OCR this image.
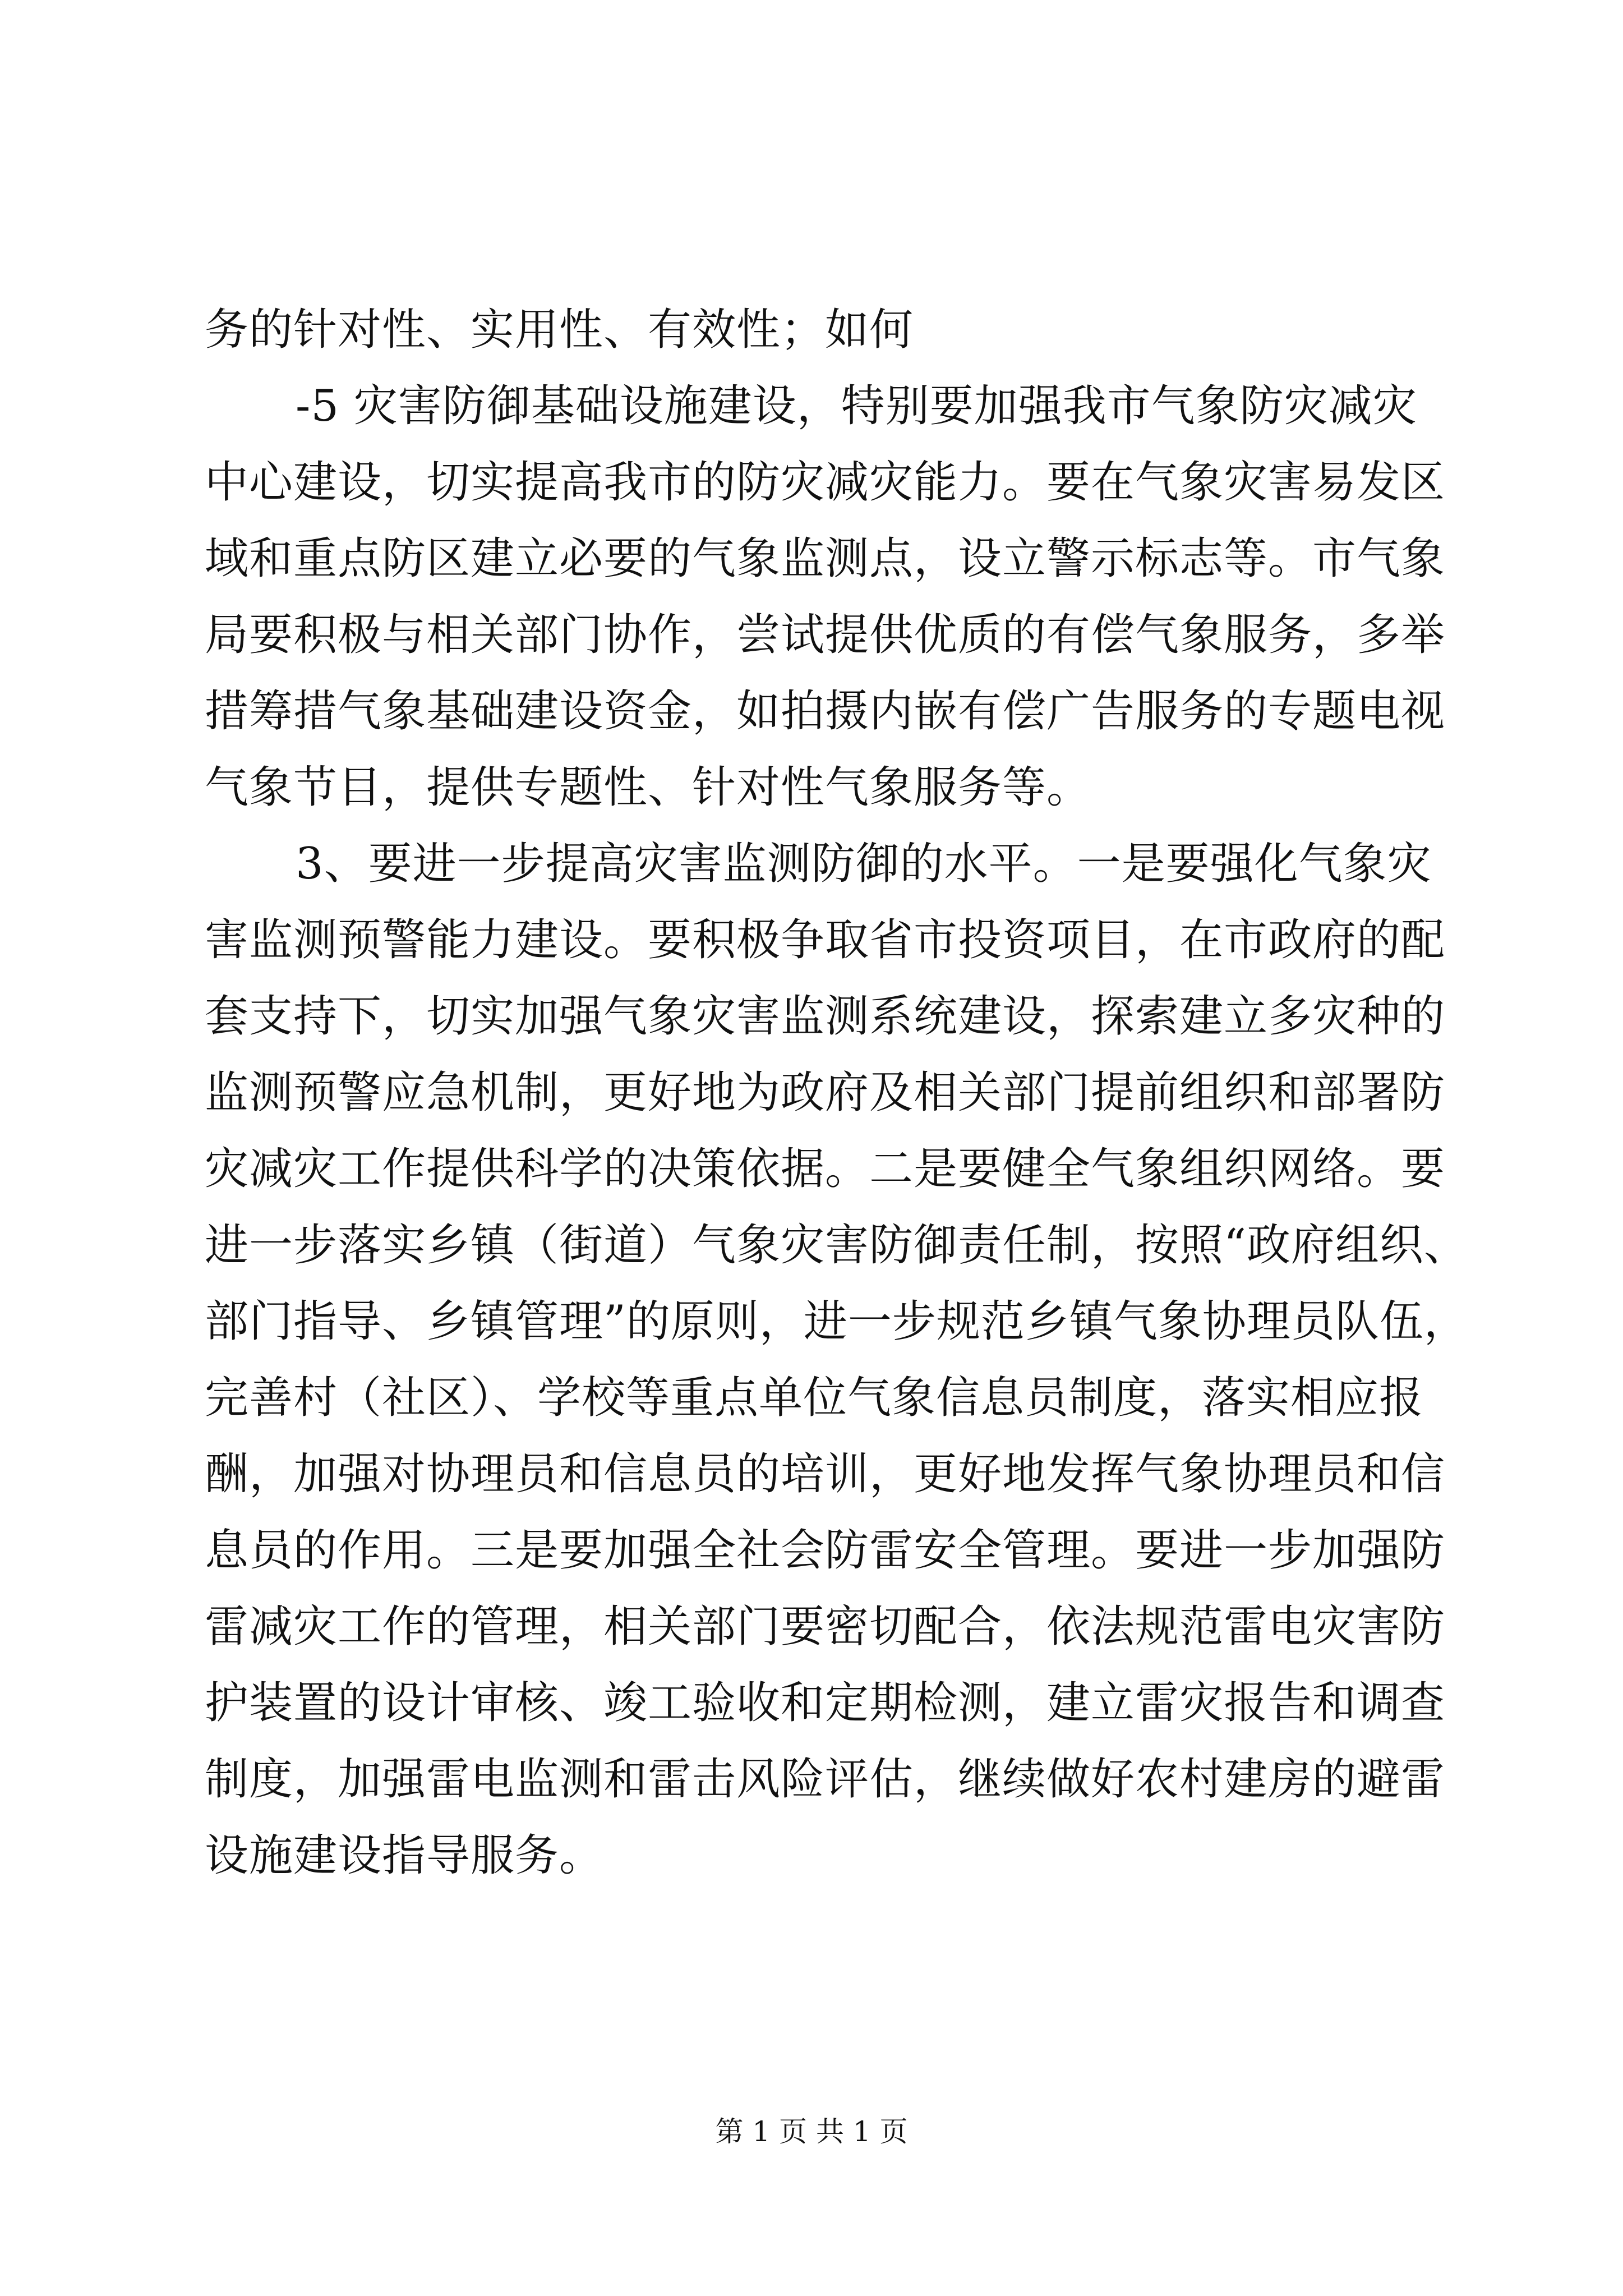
务的针对性、实用性、有效性；如何
-5 灾害防御基础设施建设，特别要加强我市气象防灾减灾
中心建设，切实提高我市的防灾减灾能力。要在气象灾害易发区
域和重点防区建立必要的气象监测点，设立警示标志等。市气象
局要积极与相关部门协作，尝试提供优质的有偿气象服务，多举
措筹措气象基础建设资金，如拍摄内嵌有偿广告服务的专题电视
气象节目，提供专题性、针对性气象服务等。
3、要进一步提高灾害监测防御的水平。一是要强化气象灾
害监测预警能力建设。要积极争取省市投资项目，在市政府的配
套支持下，切实加强气象灾害监测系统建设，探索建立多灾种的
监测预警应急机制，更好地为政府及相关部门提前组织和部署防
灾减灾工作提供科学的决策依据。二是要健全气象组织网络。要
进一步落实乡镇（街道）气象灾害防御责任制，按照“政府组织、
部门指导、乡镇管理”的原则，进一步规范乡镇气象协理员队伍，
完善村（社区）、学校等重点单位气象信息员制度，落实相应报
酬，加强对协理员和信息员的培训，更好地发挥气象协理员和信
息员的作用。三是要加强全社会防雷安全管理。要进一步加强防
雷减灾工作的管理，相关部门要密切配合，依法规范雷电灾害防
护装置的设计审核、竣工验收和定期检测，建立雷灾报告和调查
制度，加强雷电监测和雷击风险评估，继续做好农村建房的避雷
设施建设指导服务。
第 1 页 共 1 页
